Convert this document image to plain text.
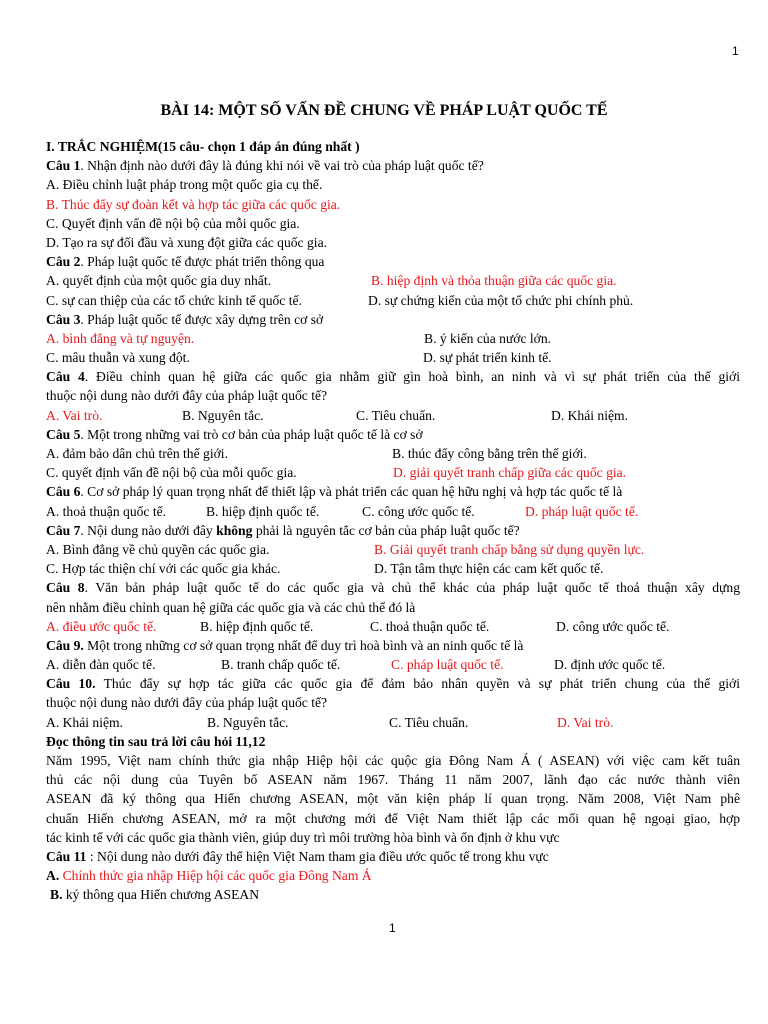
1
BÀI 14: MỘT SỐ VẤN ĐỀ CHUNG VỀ PHÁP LUẬT QUỐC TẾ
I. TRẮC NGHIỆM(15 câu- chọn 1 đáp án đúng nhất )
Câu 1. Nhận định nào dưới đây là đúng khi nói về vai trò của pháp luật quốc tế?
A. Điều chỉnh luật pháp trong một quốc gia cụ thể.
B. Thúc đẩy sự đoàn kết và hợp tác giữa các quốc gia.
C. Quyết định vấn đề nội bộ của mỗi quốc gia.
D. Tạo ra sự đối đầu và xung đột giữa các quốc gia.
Câu 2. Pháp luật quốc tế được phát triển thông qua
A. quyết định của một quốc gia duy nhất.	B. hiệp định và thỏa thuận giữa các quốc gia.
C. sự can thiệp của các tổ chức kinh tế quốc tế.	D. sự chứng kiến của một tổ chức phi chính phủ.
Câu 3. Pháp luật quốc tế được xây dựng trên cơ sở
A. bình đẳng và tự nguyện.	B. ý kiến của nước lớn.
C. mâu thuẫn và xung đột.	D. sự phát triển kinh tế.
Câu 4. Điều chỉnh quan hệ giữa các quốc gia nhằm giữ gìn hoà bình, an ninh và vì sự phát triển của thế giới
thuộc nội dung nào dưới đây của pháp luật quốc tế?
A. Vai trò.	B. Nguyên tắc.	C. Tiêu chuẩn.	D. Khái niệm.
Câu 5. Một trong những vai trò cơ bản của pháp luật quốc tế là cơ sở
A. đảm bảo dân chủ trên thế giới.	B. thúc đẩy công bằng trên thế giới.
C. quyết định vấn đề nội bộ của mỗi quốc gia.	D. giải quyết tranh chấp giữa các quốc gia.
Câu 6. Cơ sở pháp lý quan trọng nhất để thiết lập và phát triển các quan hệ hữu nghị và hợp tác quốc tế là
A. thoả thuận quốc tế.	B. hiệp định quốc tế.	C. công ước quốc tế.	D. pháp luật quốc tế.
Câu 7. Nội dung nào dưới đây không phải là nguyên tắc cơ bản của pháp luật quốc tế?
A. Bình đẳng về chủ quyền các quốc gia.	B. Giải quyết tranh chấp bằng sử dụng quyền lực.
C. Hợp tác thiện chí với các quốc gia khác.	D. Tận tâm thực hiện các cam kết quốc tế.
Câu 8. Văn bản pháp luật quốc tế do các quốc gia và chủ thể khác của pháp luật quốc tế thoả thuận xây dựng
nên nhằm điều chỉnh quan hệ giữa các quốc gia và các chủ thể đó là
A. điều ước quốc tế.	B. hiệp định quốc tế.	C. thoả thuận quốc tế.	D. công ước quốc tế.
Câu 9. Một trong những cơ sở quan trọng nhất để duy trì hoà bình và an ninh quốc tế là
A. diễn đàn quốc tế.	B. tranh chấp quốc tế.	C. pháp luật quốc tế.	D. định ước quốc tế.
Câu 10. Thúc đẩy sự hợp tác giữa các quốc gia để đảm bảo nhân quyền và sự phát triển chung của thế giới
thuộc nội dung nào dưới đây của pháp luật quốc tế?
A. Khái niệm.	B. Nguyên tắc.	C. Tiêu chuẩn.	D. Vai trò.
Đọc thông tin sau trả lời câu hỏi 11,12
Năm 1995, Việt nam chính thức gia nhập Hiệp hội các quộc gia Đông Nam Á ( ASEAN) với việc cam kết tuân
thủ các nội dung của Tuyên bố ASEAN năm 1967. Tháng 11 năm 2007, lãnh đạo các nước thành viên
ASEAN đã ký thông qua Hiến chương ASEAN, một văn kiện pháp lí quan trọng. Năm 2008, Việt Nam phê
chuẩn Hiến chương ASEAN, mở ra một chương mới để Việt Nam thiết lập các mối quan hệ ngoại giao, hợp
tác kinh tế với các quốc gia thành viên, giúp duy trì môi trường hòa bình và ổn định ở khu vực
Câu 11 : Nội dung nào dưới đây thể hiện Việt Nam tham gia điều ước quốc tế trong khu vực
A. Chính thức gia nhập Hiệp hội các quốc gia Đông Nam Á
B. ký thông qua Hiến chương ASEAN
1
